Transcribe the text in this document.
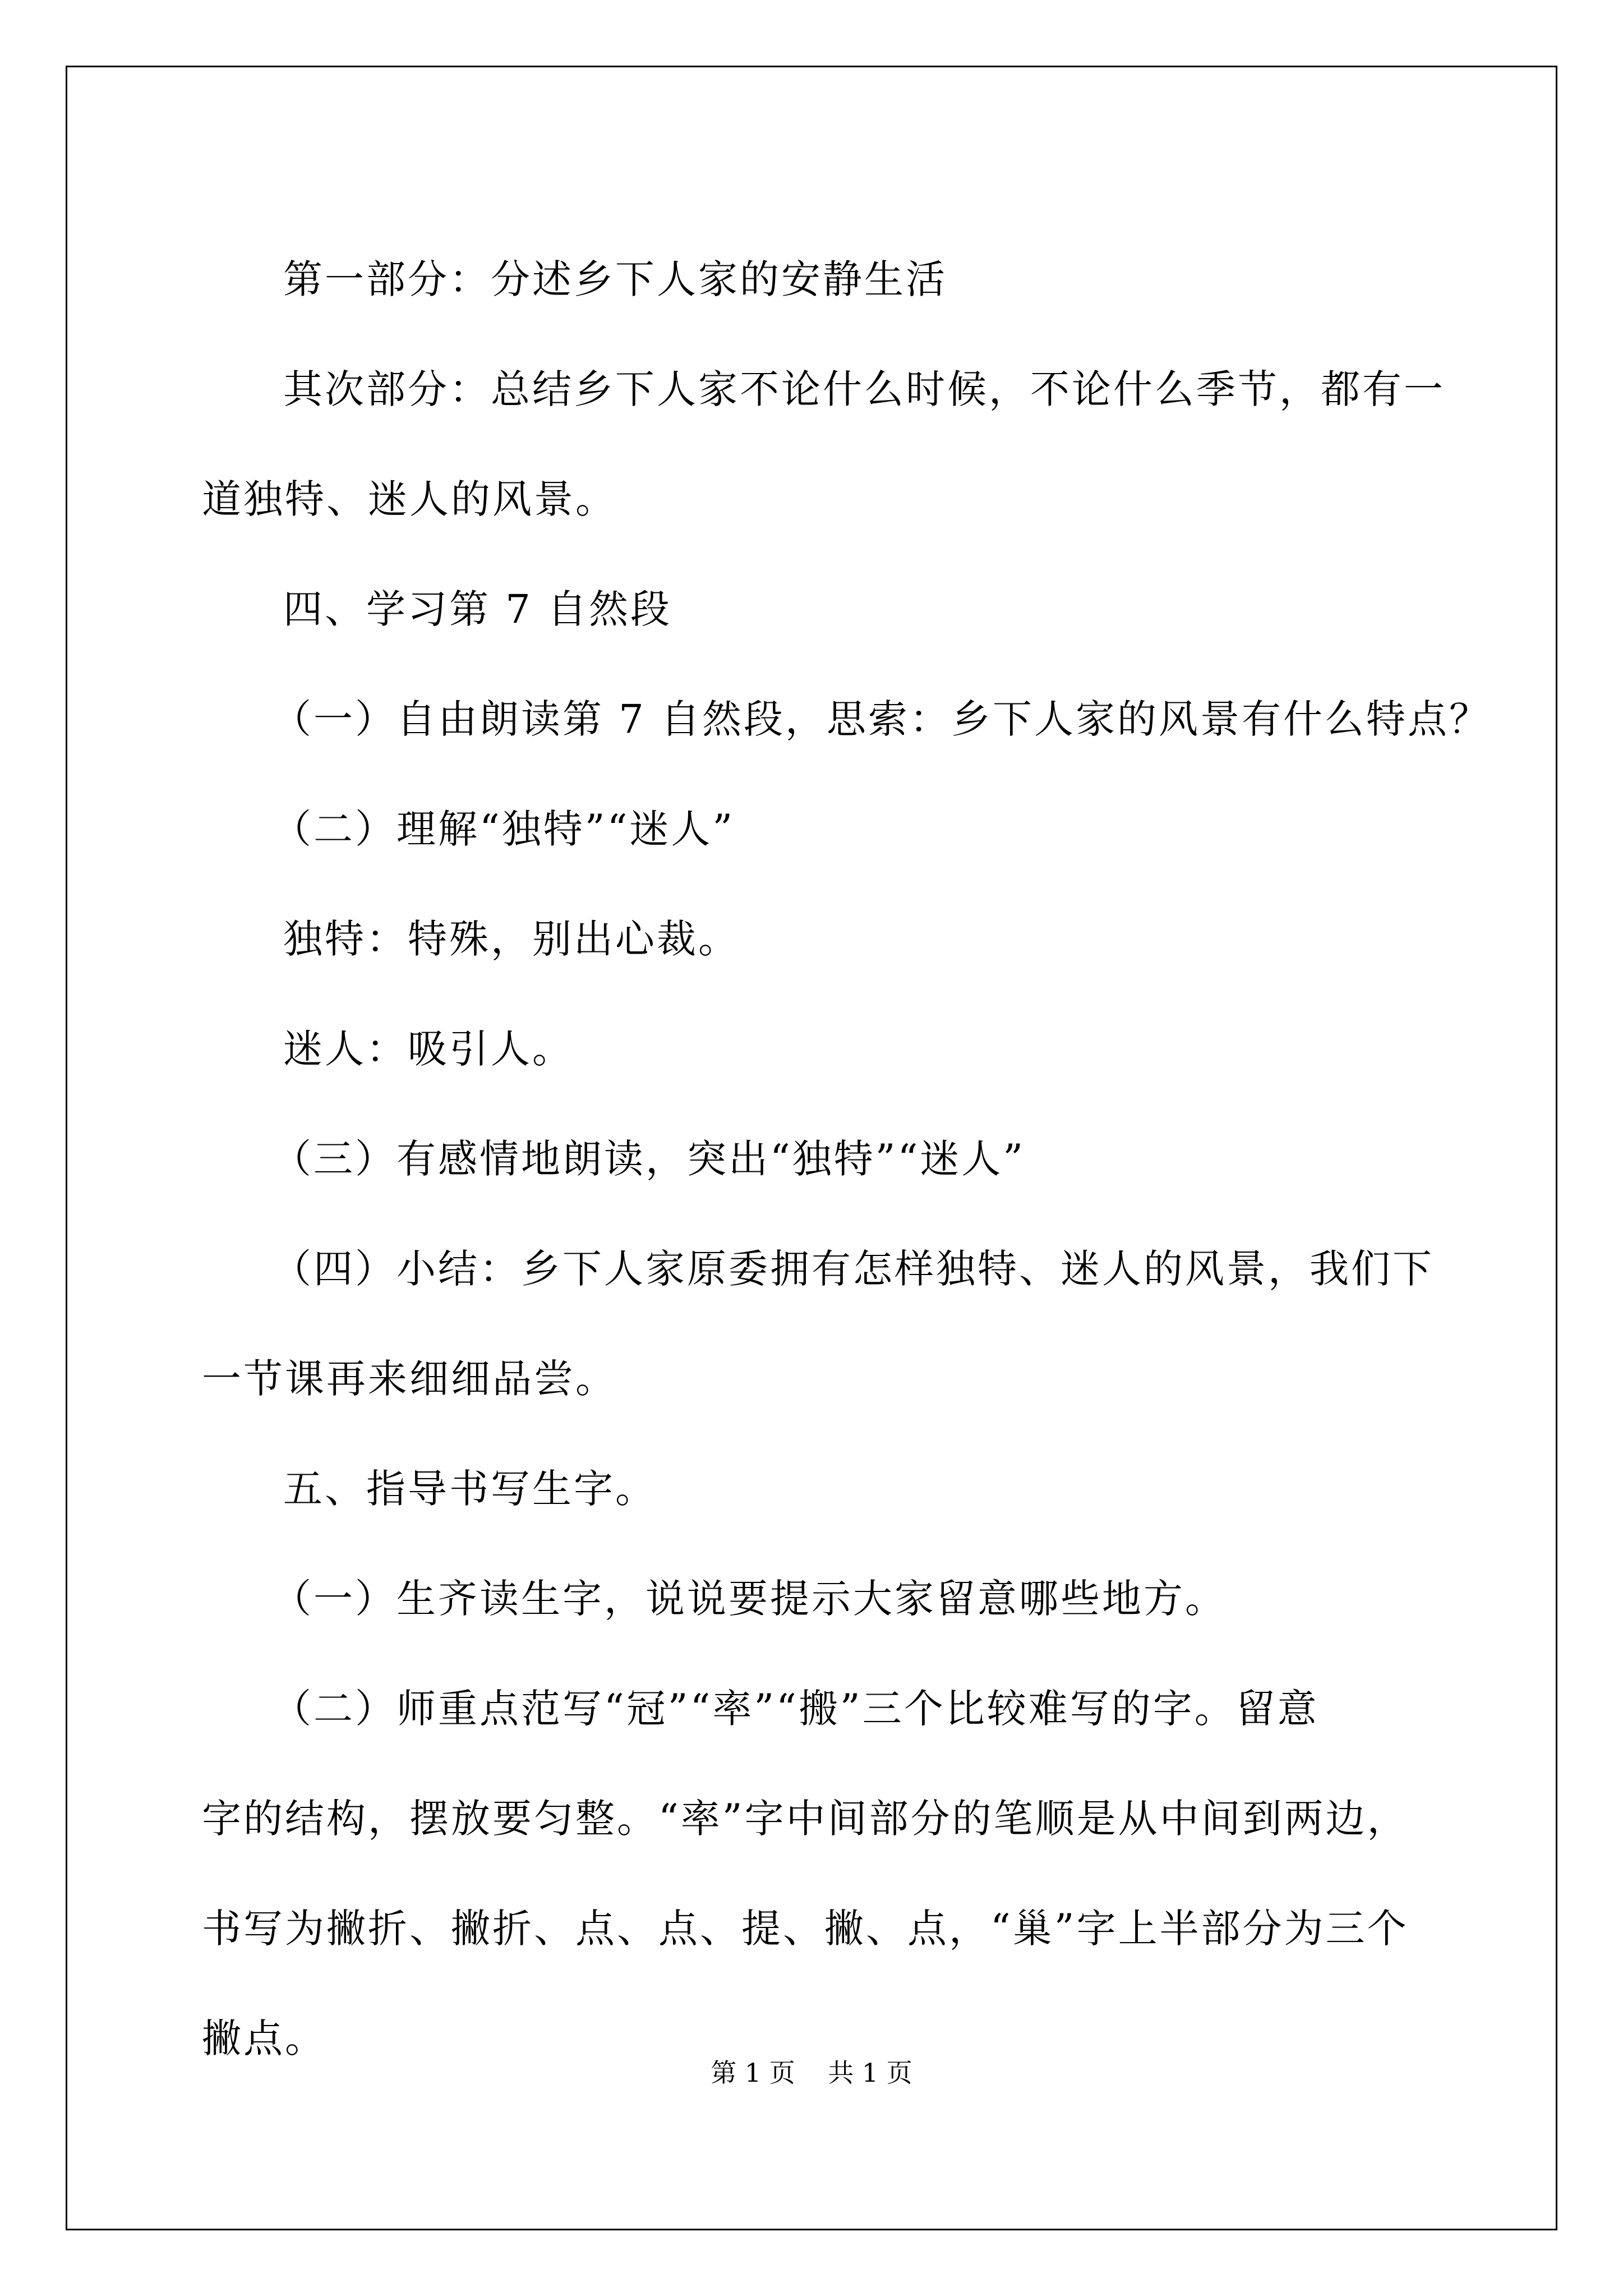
第一部分：分述乡下人家的安静生活

其次部分：总结乡下人家不论什么时候，不论什么季节，都有一

道独特、迷人的风景。

四、学习第 7 自然段

（一）自由朗读第 7 自然段，思索：乡下人家的风景有什么特点？

（二）理解“独特”“迷人”

独特：特殊，别出心裁。

迷人：吸引人。

（三）有感情地朗读，突出“独特”“迷人”

（四）小结：乡下人家原委拥有怎样独特、迷人的风景，我们下

一节课再来细细品尝。

五、指导书写生字。

（一）生齐读生字，说说要提示大家留意哪些地方。

（二）师重点范写“冠”“率”“搬”三个比较难写的字。留意

字的结构，摆放要匀整。“率”字中间部分的笔顺是从中间到两边，

书写为撇折、撇折、点、点、提、撇、点，“巢”字上半部分为三个

撇点。

第 1 页    共 1 页
